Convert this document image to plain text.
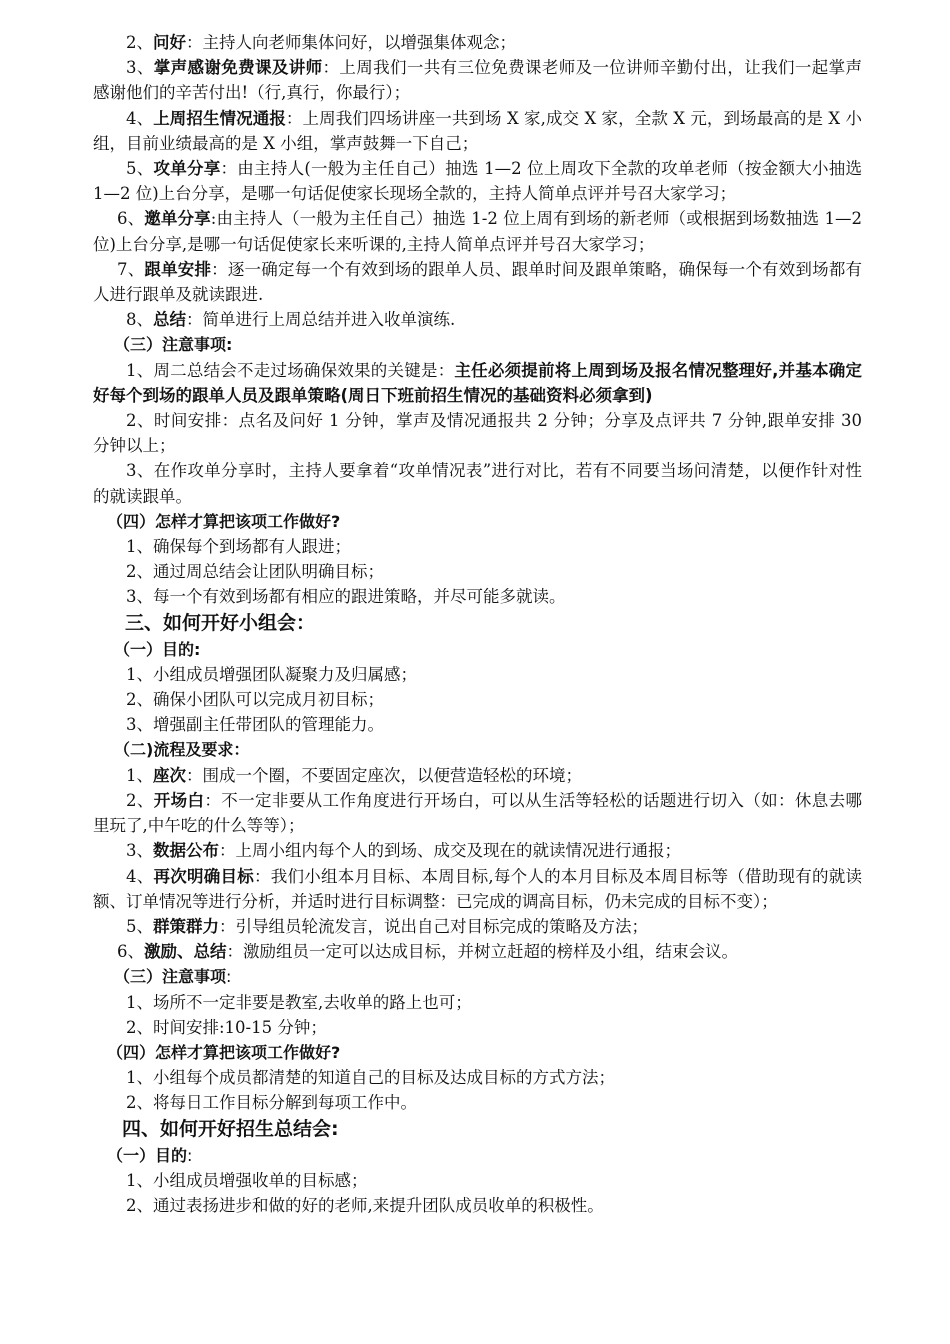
2、问好：主持人向老师集体问好，以增强集体观念；

3、掌声感谢免费课及讲师：上周我们一共有三位免费课老师及一位讲师辛勤付出，让我们一起掌声感谢他们的辛苦付出!（行,真行，你最行）；

4、上周招生情况通报：上周我们四场讲座一共到场 X 家,成交 X 家，全款 X 元，到场最高的是 X 小组，目前业绩最高的是 X 小组，掌声鼓舞一下自己；

5、攻单分享：由主持人(一般为主任自己）抽选 1—2 位上周攻下全款的攻单老师（按金额大小抽选 1—2 位)上台分享，是哪一句话促使家长现场全款的，主持人简单点评并号召大家学习；

6、邀单分享:由主持人（一般为主任自己）抽选 1-2 位上周有到场的新老师（或根据到场数抽选 1—2 位)上台分享,是哪一句话促使家长来听课的,主持人简单点评并号召大家学习；

7、跟单安排：逐一确定每一个有效到场的跟单人员、跟单时间及跟单策略，确保每一个有效到场都有人进行跟单及就读跟进.

8、总结：简单进行上周总结并进入收单演练.

（三）注意事项:

1、周二总结会不走过场确保效果的关键是：主任必须提前将上周到场及报名情况整理好,并基本确定好每个到场的跟单人员及跟单策略(周日下班前招生情况的基础资料必须拿到)

2、时间安排：点名及问好 1 分钟，掌声及情况通报共 2 分钟；分享及点评共 7 分钟,跟单安排 30 分钟以上；

3、在作攻单分享时，主持人要拿着“攻单情况表”进行对比，若有不同要当场问清楚，以便作针对性的就读跟单。

（四）怎样才算把该项工作做好?

1、确保每个到场都有人跟进；

2、通过周总结会让团队明确目标；

3、每一个有效到场都有相应的跟进策略，并尽可能多就读。

三、如何开好小组会：

（一）目的:

1、小组成员增强团队凝聚力及归属感；

2、确保小团队可以完成月初目标；

3、增强副主任带团队的管理能力。

（二)流程及要求：

1、座次：围成一个圈，不要固定座次，以便营造轻松的环境；

2、开场白：不一定非要从工作角度进行开场白，可以从生活等轻松的话题进行切入（如：休息去哪里玩了,中午吃的什么等等）；

3、数据公布：上周小组内每个人的到场、成交及现在的就读情况进行通报；

4、再次明确目标：我们小组本月目标、本周目标,每个人的本月目标及本周目标等（借助现有的就读额、订单情况等进行分析，并适时进行目标调整：已完成的调高目标，仍未完成的目标不变）；

5、群策群力：引导组员轮流发言，说出自己对目标完成的策略及方法；

6、激励、总结：激励组员一定可以达成目标，并树立赶超的榜样及小组，结束会议。

（三）注意事项:

1、场所不一定非要是教室,去收单的路上也可；

2、时间安排:10-15 分钟；

（四）怎样才算把该项工作做好?

1、小组每个成员都清楚的知道自己的目标及达成目标的方式方法；

2、将每日工作目标分解到每项工作中。

四、如何开好招生总结会:

（一）目的:

1、小组成员增强收单的目标感；

2、通过表扬进步和做的好的老师,来提升团队成员收单的积极性。
